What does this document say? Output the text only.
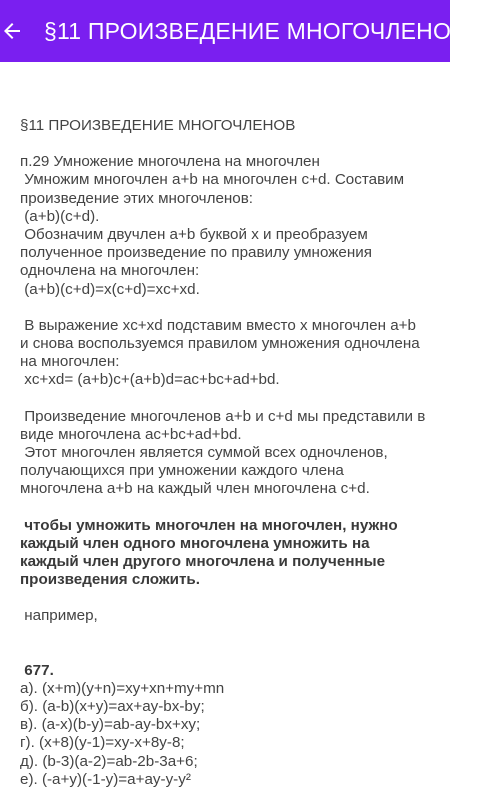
§11 ПРОИЗВЕДЕНИЕ МНОГОЧЛЕНОВ

§11 ПРОИЗВЕДЕНИЕ МНОГОЧЛЕНОВ

п.29 Умножение многочлена на многочлен
Умножим многочлен a+b на многочлен c+d. Составим произведение этих многочленов:
(a+b)(c+d).
Обозначим двучлен a+b буквой x и преобразуем полученное произведение по правилу умножения одночлена на многочлен:
(a+b)(c+d)=x(c+d)=xc+xd.

В выражение xc+xd подставим вместо x многочлен a+b и снова воспользуемся правилом умножения одночлена на многочлен:
xc+xd= (a+b)c+(a+b)d=ac+bc+ad+bd.

Произведение многочленов a+b и c+d мы представили в виде многочлена ac+bc+ad+bd.
Этот многочлен является суммой всех одночленов, получающихся при умножении каждого члена многочлена a+b на каждый член многочлена c+d.

чтобы умножить многочлен на многочлен, нужно каждый член одного многочлена умножить на каждый член другого многочлена и полученные произведения сложить.

например,

677.

а). (x+m)(y+n)=xy+xn+my+mn

б). (a-b)(x+y)=ax+ay-bx-by;

в). (a-x)(b-y)=ab-ay-bx+xy;

г). (x+8)(y-1)=xy-x+8y-8;

д). (b-3)(a-2)=ab-2b-3a+6;

е). (-a+y)(-1-y)=a+ay-y-y²
